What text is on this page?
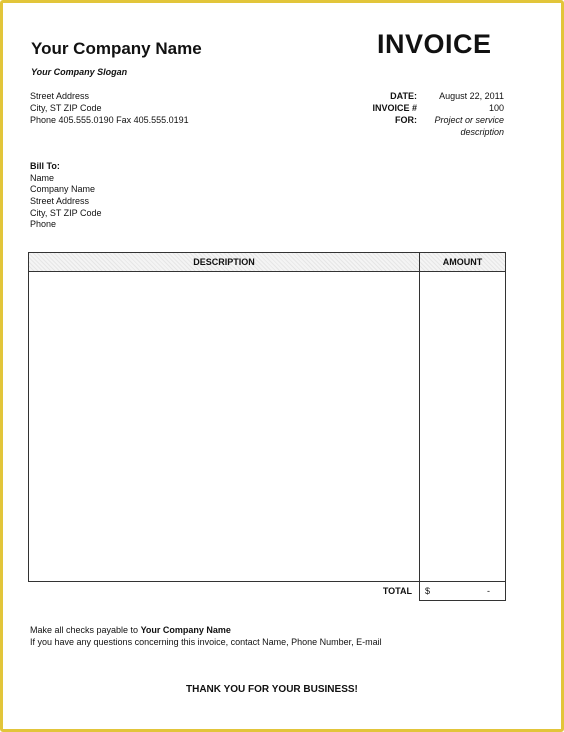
Your Company Name
Your Company Slogan
Street Address
City, ST ZIP Code
Phone 405.555.0190 Fax 405.555.0191
INVOICE
DATE:	August 22, 2011
INVOICE #	100
FOR:	Project or service
description
Bill To:
Name
Company Name
Street Address
City, ST ZIP Code
Phone
DESCRIPTION	AMOUNT
TOTAL $	-
Make all checks payable to Your Company Name
If you have any questions concerning this invoice, contact Name, Phone Number, E-mail
THANK YOU FOR YOUR BUSINESS!
